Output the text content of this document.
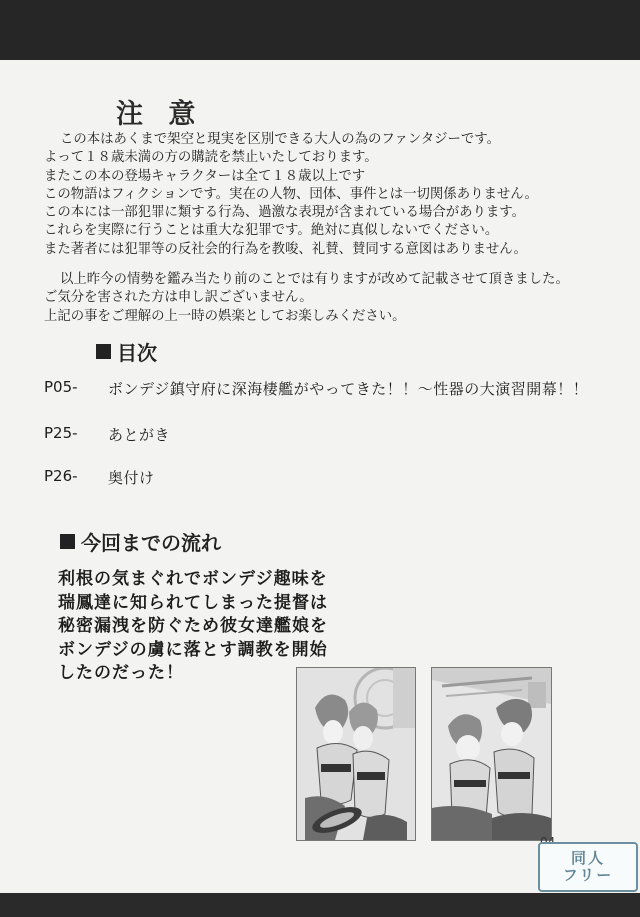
注 意
この本はあくまで架空と現実を区別できる大人の為のファンタジーです。
よって１８歳未満の方の購読を禁止いたしております。
またこの本の登場キャラクターは全て１８歳以上です
この物語はフィクションです。実在の人物、団体、事件とは一切関係ありません。
この本には一部犯罪に類する行為、過激な表現が含まれている場合があります。
これらを実際に行うことは重大な犯罪です。絶対に真似しないでください。
また著者には犯罪等の反社会的行為を教唆、礼賛、賛同する意図はありません。
以上昨今の情勢を鑑み当たり前のことでは有りますが改めて記載させて頂きました。
ご気分を害された方は申し訳ございません。
上記の事をご理解の上一時の娯楽としてお楽しみください。
目次
P05-	ボンデジ鎮守府に深海棲艦がやってきた！！～性器の大演習開幕！！
P25-	あとがき
P26-	奥付け
今回までの流れ
利根の気まぐれでボンデジ趣味を
瑞鳳達に知られてしまった提督は
秘密漏洩を防ぐため彼女達艦娘を
ボンデジの虜に落とす調教を開始
したのだった！
同人
フリー
